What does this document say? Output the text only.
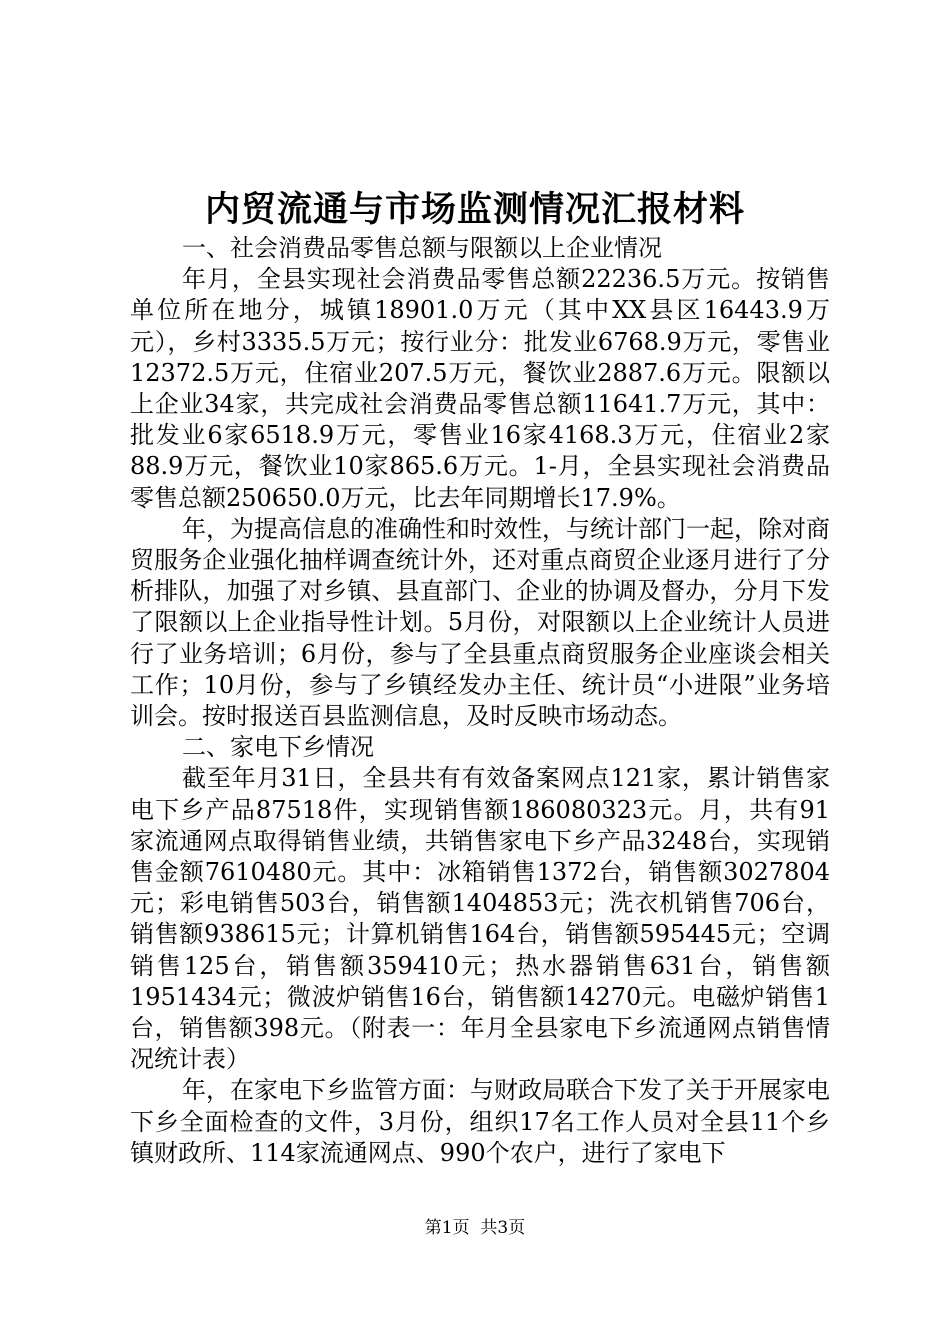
内贸流通与市场监测情况汇报材料

一、社会消费品零售总额与限额以上企业情况

年月，全县实现社会消费品零售总额22236.5万元。按销售单位所在地分，城镇18901.0万元（其中XX县区16443.9万元），乡村3335.5万元；按行业分：批发业6768.9万元，零售业12372.5万元，住宿业207.5万元，餐饮业2887.6万元。限额以上企业34家，共完成社会消费品零售总额11641.7万元，其中：批发业6家6518.9万元，零售业16家4168.3万元，住宿业2家88.9万元，餐饮业10家865.6万元。1-月，全县实现社会消费品零售总额250650.0万元，比去年同期增长17.9%。

年，为提高信息的准确性和时效性，与统计部门一起，除对商贸服务企业强化抽样调查统计外，还对重点商贸企业逐月进行了分析排队，加强了对乡镇、县直部门、企业的协调及督办，分月下发了限额以上企业指导性计划。5月份，对限额以上企业统计人员进行了业务培训；6月份，参与了全县重点商贸服务企业座谈会相关工作；10月份，参与了乡镇经发办主任、统计员“小进限”业务培训会。按时报送百县监测信息，及时反映市场动态。

二、家电下乡情况

截至年月31日，全县共有有效备案网点121家，累计销售家电下乡产品87518件，实现销售额186080323元。月，共有91家流通网点取得销售业绩，共销售家电下乡产品3248台，实现销售金额7610480元。其中：冰箱销售1372台，销售额3027804元；彩电销售503台，销售额1404853元；洗衣机销售706台，销售额938615元；计算机销售164台，销售额595445元；空调销售125台，销售额359410元；热水器销售631台，销售额1951434元；微波炉销售16台，销售额14270元。电磁炉销售1台，销售额398元。（附表一：年月全县家电下乡流通网点销售情况统计表）

年，在家电下乡监管方面：与财政局联合下发了关于开展家电下乡全面检查的文件，3月份，组织17名工作人员对全县11个乡镇财政所、114家流通网点、990个农户，进行了家电下

第1页  共3页
